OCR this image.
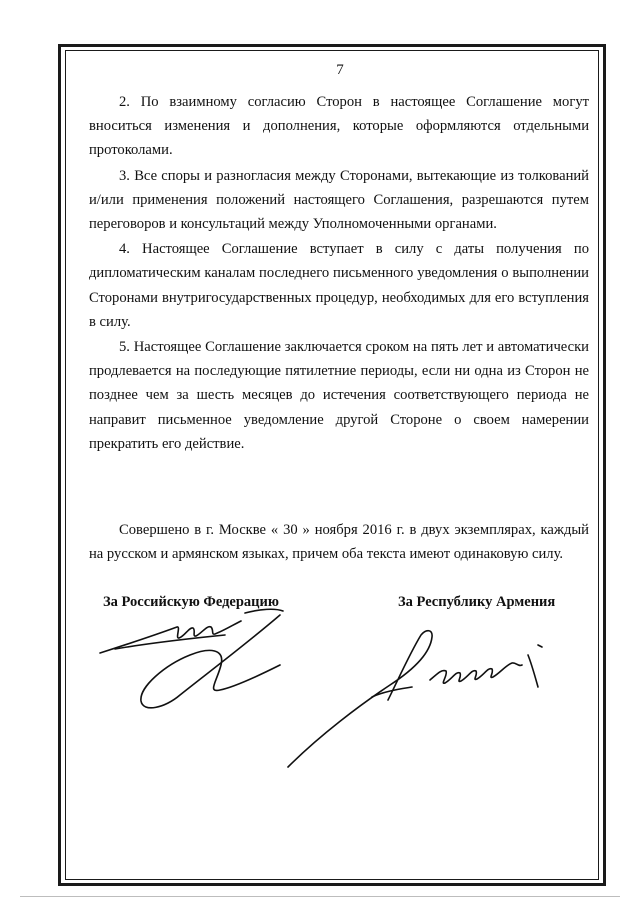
7

2. По взаимному согласию Сторон в настоящее Соглашение могут вноситься изменения и дополнения, которые оформляются отдельными протоколами.

3. Все споры и разногласия между Сторонами, вытекающие из толкований и/или применения положений настоящего Соглашения, разрешаются путем переговоров и консультаций между Уполномоченными органами.

4. Настоящее Соглашение вступает в силу с даты получения по дипломатическим каналам последнего письменного уведомления о выполнении Сторонами внутригосударственных процедур, необходимых для его вступления в силу.

5. Настоящее Соглашение заключается сроком на пять лет и автоматически продлевается на последующие пятилетние периоды, если ни одна из Сторон не позднее чем за шесть месяцев до истечения соответствующего периода не направит письменное уведомление другой Стороне о своем намерении прекратить его действие.

Совершено в г. Москве « 30 » ноября 2016 г. в двух экземплярах, каждый на русском и армянском языках, причем оба текста имеют одинаковую силу.

За Российскую Федерацию	За Республику Армения
